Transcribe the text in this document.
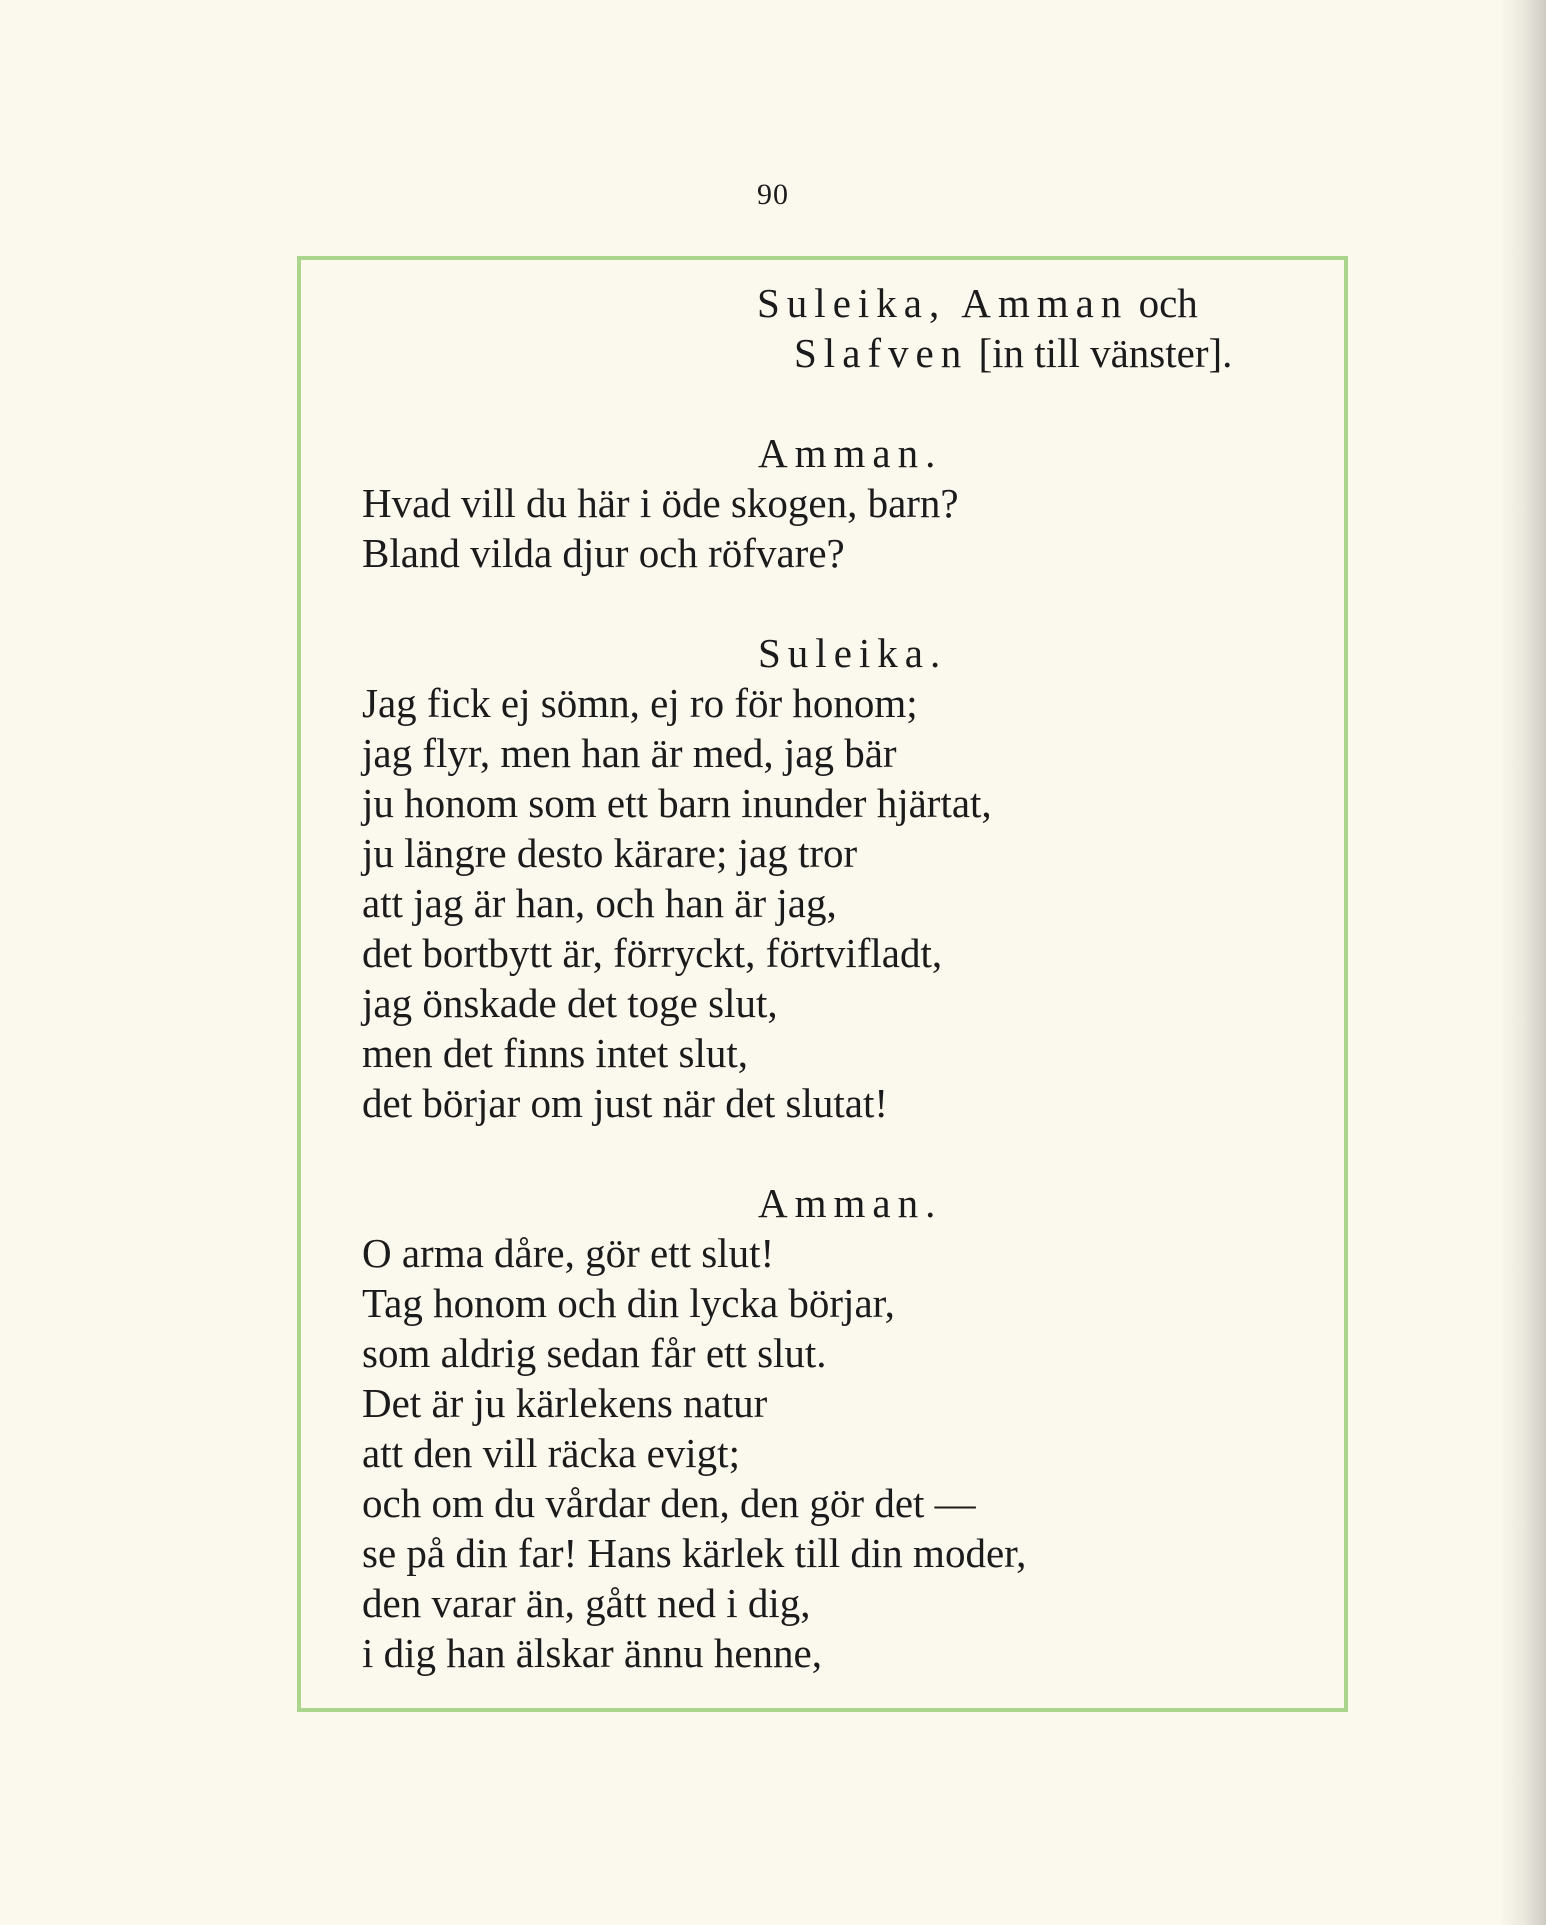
90
Suleika, Amman och
Slafven [in till vänster].
Amman.
Hvad vill du här i öde skogen, barn?
Bland vilda djur och röfvare?
Suleika.
Jag fick ej sömn, ej ro för honom;
jag flyr, men han är med, jag bär
ju honom som ett barn inunder hjärtat,
ju längre desto kärare; jag tror
att jag är han, och han är jag,
det bortbytt är, förryckt, förtvifladt,
jag önskade det toge slut,
men det finns intet slut,
det börjar om just när det slutat!
Amman.
O arma dåre, gör ett slut!
Tag honom och din lycka börjar,
som aldrig sedan får ett slut.
Det är ju kärlekens natur
att den vill räcka evigt;
och om du vårdar den, den gör det —
se på din far! Hans kärlek till din moder,
den varar än, gått ned i dig,
i dig han älskar ännu henne,
